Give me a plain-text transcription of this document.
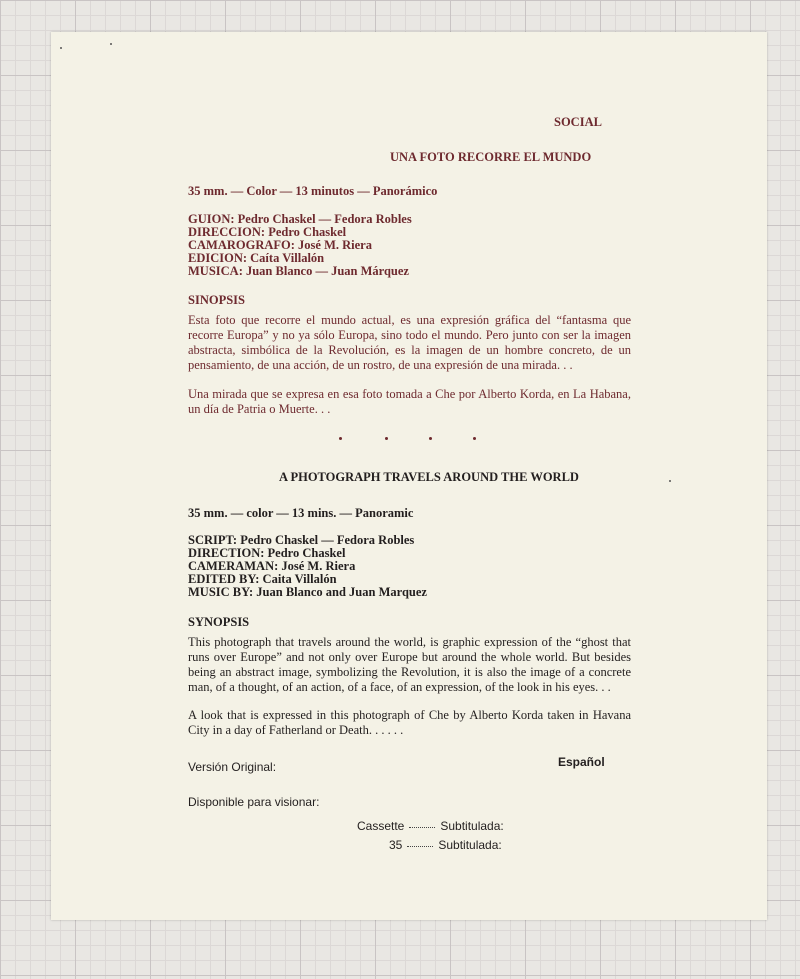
SOCIAL
UNA FOTO RECORRE EL MUNDO
35 mm. — Color — 13 minutos — Panorámico
GUION: Pedro Chaskel — Fedora Robles
DIRECCION: Pedro Chaskel
CAMAROGRAFO: José M. Riera
EDICION: Caíta Villalón
MUSICA: Juan Blanco — Juan Márquez
SINOPSIS
Esta foto que recorre el mundo actual, es una expresión gráfica del “fantasma que recorre Europa” y no ya sólo Europa, sino todo el mundo. Pero junto con ser la imagen abstracta, simbólica de la Revolución, es la imagen de un hombre concreto, de un pensamiento, de una acción, de un rostro, de una expresión de una mirada. . .
Una mirada que se expresa en esa foto tomada a Che por Alberto Korda, en La Habana, un día de Patria o Muerte. . .
A PHOTOGRAPH TRAVELS AROUND THE WORLD
35 mm. — color — 13 mins. — Panoramic
SCRIPT: Pedro Chaskel — Fedora Robles
DIRECTION: Pedro Chaskel
CAMERAMAN: José M. Riera
EDITED BY: Caita Villalón
MUSIC BY: Juan Blanco and Juan Marquez
SYNOPSIS
This photograph that travels around the world, is graphic expression of the “ghost that runs over Europe” and not only over Europe but around the whole world. But besides being an abstract image, symbolizing the Revolution, it is also the image of a concrete man, of a thought, of an action, of a face, of an expression, of the look in his eyes. . .
A look that is expressed in this photograph of Che by Alberto Korda taken in Havana City in a day of Fatherland or Death. . . . . .
Versión Original:	Español
Disponible para visionar:
Cassette	Subtitulada:
35	Subtitulada:
